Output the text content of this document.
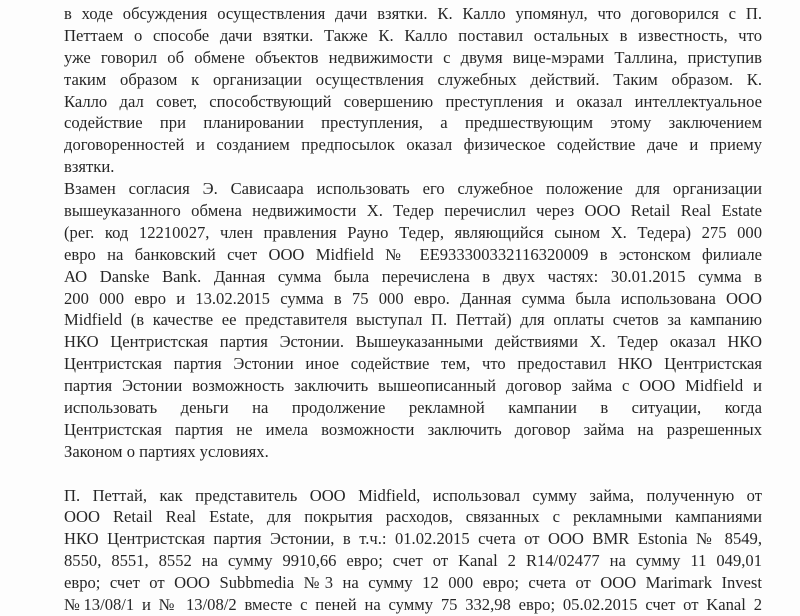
в ходе обсуждения осуществления дачи взятки. К. Калло упомянул, что договорился с П.
Петтаем о способе дачи взятки. Также К. Калло поставил остальных в известность, что
уже говорил об обмене объектов недвижимости с двумя вице-мэрами Таллина, приступив
таким образом к организации осуществления служебных действий. Таким образом. К.
Калло дал совет, способствующий совершению преступления и оказал интеллектуальное
содействие при планировании преступления, а предшествующим этому заключением
договоренностей и созданием предпосылок оказал физическое содействие даче и приему
взятки.
Взамен согласия Э. Сависаара использовать его служебное положение для организации
вышеуказанного обмена недвижимости Х. Тедер перечислил через ООО Retail Real Estate
(рег. код 12210027, член правления Рауно Тедер, являющийся сыном Х. Тедера) 275 000
евро на банковский счет ООО Midfield № EE933300332116320009 в эстонском филиале
АО Danske Bank. Данная сумма была перечислена в двух частях: 30.01.2015 сумма в
200 000 евро и 13.02.2015 сумма в 75 000 евро. Данная сумма была использована ООО
Midfield (в качестве ее представителя выступал П. Петтай) для оплаты счетов за кампанию
НКО Центристская партия Эстонии. Вышеуказанными действиями Х. Тедер оказал НКО
Центристская партия Эстонии иное содействие тем, что предоставил НКО Центристская
партия Эстонии возможность заключить вышеописанный договор займа с ООО Midfield и
использовать деньги на продолжение рекламной кампании в ситуации, когда
Центристская партия не имела возможности заключить договор займа на разрешенных
Законом о партиях условиях.
П. Петтай, как представитель ООО Midfield, использовал сумму займа, полученную от
ООО Retail Real Estate, для покрытия расходов, связанных с рекламными кампаниями
НКО Центристская партия Эстонии, в т.ч.: 01.02.2015 счета от ООО BMR Estonia № 8549,
8550, 8551, 8552 на сумму 9910,66 евро; счет от Kanal 2 R14/02477 на сумму 11 049,01
евро; счет от ООО Subbmedia №3 на сумму 12 000 евро; счета от ООО Marimark Invest
№13/08/1 и № 13/08/2 вместе с пеней на сумму 75 332,98 евро; 05.02.2015 счет от Kanal 2
